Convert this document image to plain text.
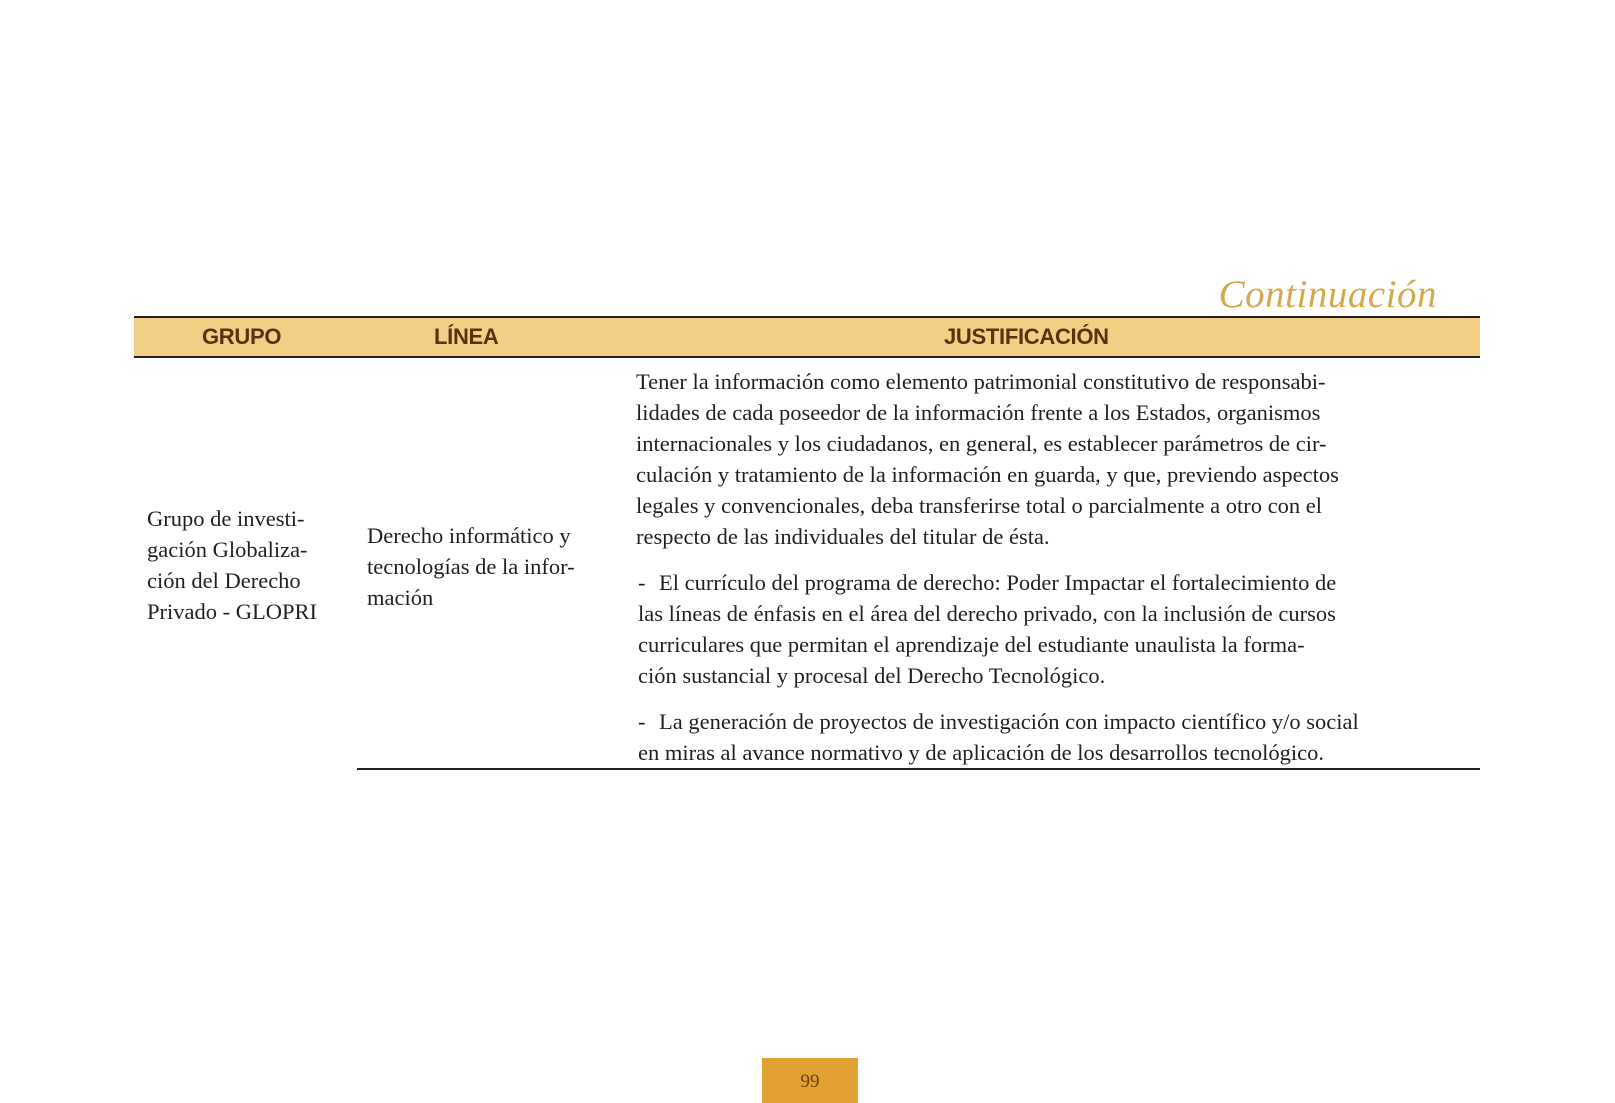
Continuación
GRUPO	LÍNEA	JUSTIFICACIÓN
Grupo de investi-
gación Globaliza-
ción del Derecho
Privado - GLOPRI
Derecho informático y
tecnologías de la infor-
mación
Tener la información como elemento patrimonial constitutivo de responsabi-
lidades de cada poseedor de la información frente a los Estados, organismos
internacionales y los ciudadanos, en general, es establecer parámetros de cir-
culación y tratamiento de la información en guarda, y que, previendo aspectos
legales y convencionales, deba transferirse total o parcialmente a otro con el
respecto de las individuales del titular de ésta.
- El currículo del programa de derecho: Poder Impactar el fortalecimiento de
las líneas de énfasis en el área del derecho privado, con la inclusión de cursos
curriculares que permitan el aprendizaje del estudiante unaulista la forma-
ción sustancial y procesal del Derecho Tecnológico.
- La generación de proyectos de investigación con impacto científico y/o social
en miras al avance normativo y de aplicación de los desarrollos tecnológico.
99
